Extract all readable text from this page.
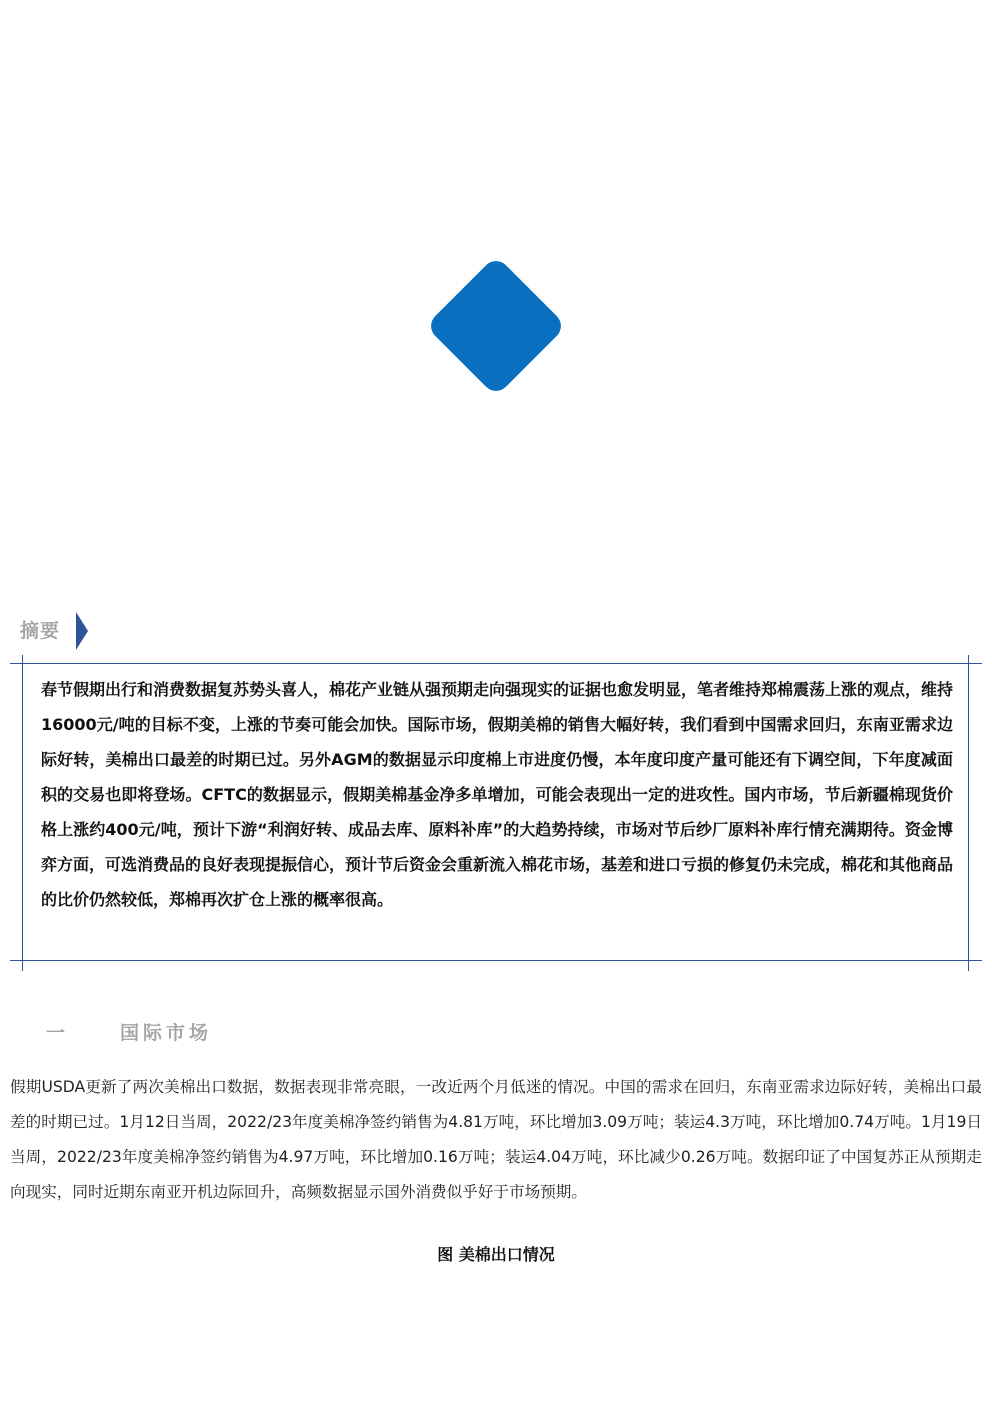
摘要

春节假期出行和消费数据复苏势头喜人，棉花产业链从强预期走向强现实的证据也愈发明显，笔者维持郑棉震荡上涨的观点，维持16000元/吨的目标不变，上涨的节奏可能会加快。国际市场，假期美棉的销售大幅好转，我们看到中国需求回归，东南亚需求边际好转，美棉出口最差的时期已过。另外AGM的数据显示印度棉上市进度仍慢，本年度印度产量可能还有下调空间，下年度减面积的交易也即将登场。CFTC的数据显示，假期美棉基金净多单增加，可能会表现出一定的进攻性。国内市场，节后新疆棉现货价格上涨约400元/吨，预计下游“利润好转、成品去库、原料补库”的大趋势持续，市场对节后纱厂原料补库行情充满期待。资金博弈方面，可选消费品的良好表现提振信心，预计节后资金会重新流入棉花市场，基差和进口亏损的修复仍未完成，棉花和其他商品的比价仍然较低，郑棉再次扩仓上涨的概率很高。

一	国际市场

假期USDA更新了两次美棉出口数据，数据表现非常亮眼，一改近两个月低迷的情况。中国的需求在回归，东南亚需求边际好转，美棉出口最差的时期已过。1月12日当周，2022/23年度美棉净签约销售为4.81万吨，环比增加3.09万吨；装运4.3万吨，环比增加0.74万吨。1月19日当周，2022/23年度美棉净签约销售为4.97万吨，环比增加0.16万吨；装运4.04万吨，环比减少0.26万吨。数据印证了中国复苏正从预期走向现实，同时近期东南亚开机边际回升，高频数据显示国外消费似乎好于市场预期。

图 美棉出口情况
